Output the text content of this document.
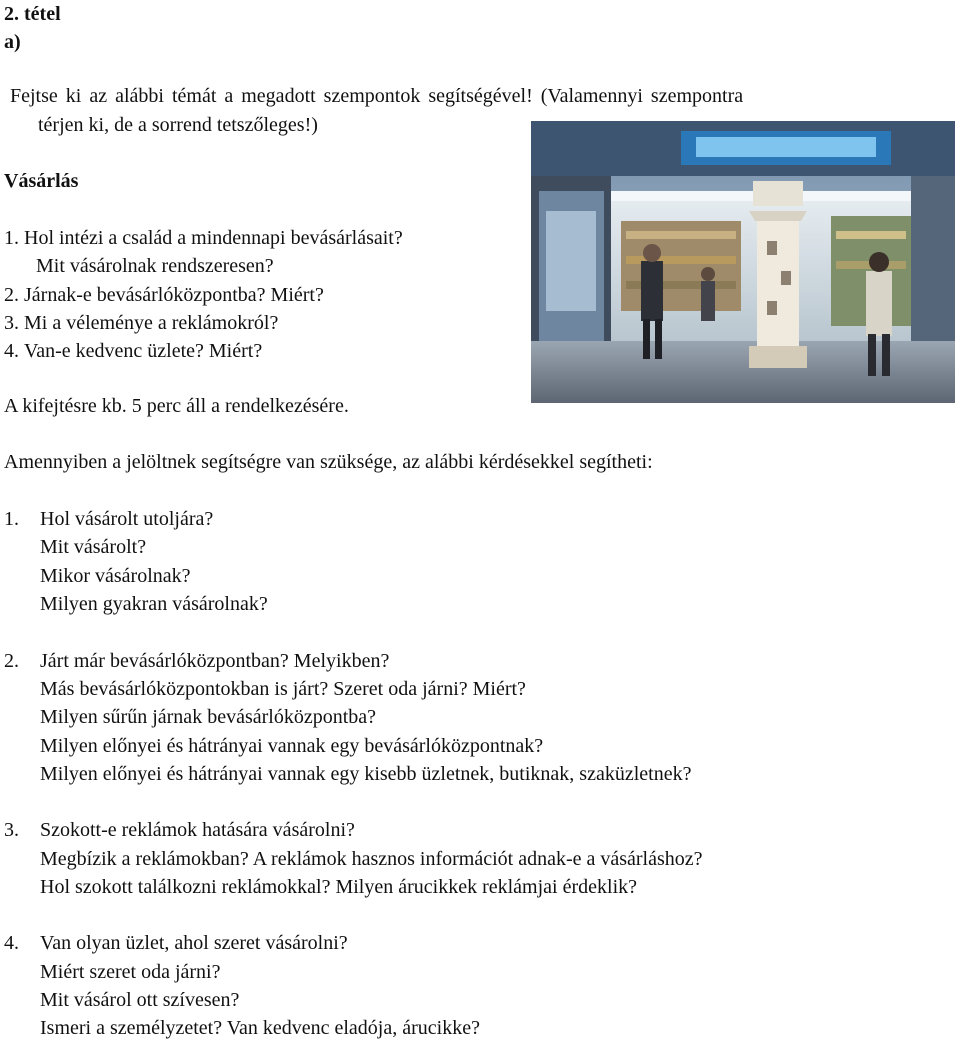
2. tétel
a)
Fejtse ki az alábbi témát a megadott szempontok segítségével! (Valamennyi szempontra
térjen ki, de a sorrend tetszőleges!)
Vásárlás
1. Hol intézi a család a mindennapi bevásárlásait?
Mit vásárolnak rendszeresen?
2. Járnak-e bevásárlóközpontba? Miért?
3. Mi a véleménye a reklámokról?
4. Van-e kedvenc üzlete? Miért?
A kifejtésre kb. 5 perc áll a rendelkezésére.
Amennyiben a jelöltnek segítségre van szüksége, az alábbi kérdésekkel segítheti:
1. Hol vásárolt utoljára?
Mit vásárolt?
Mikor vásárolnak?
Milyen gyakran vásárolnak?
2. Járt már bevásárlóközpontban? Melyikben?
Más bevásárlóközpontokban is járt? Szeret oda járni? Miért?
Milyen sűrűn járnak bevásárlóközpontba?
Milyen előnyei és hátrányai vannak egy bevásárlóközpontnak?
Milyen előnyei és hátrányai vannak egy kisebb üzletnek, butiknak, szaküzletnek?
3. Szokott-e reklámok hatására vásárolni?
Megbízik a reklámokban? A reklámok hasznos információt adnak-e a vásárláshoz?
Hol szokott találkozni reklámokkal? Milyen árucikkek reklámjai érdeklik?
4. Van olyan üzlet, ahol szeret vásárolni?
Miért szeret oda járni?
Mit vásárol ott szívesen?
Ismeri a személyzetet? Van kedvenc eladója, árucikke?
